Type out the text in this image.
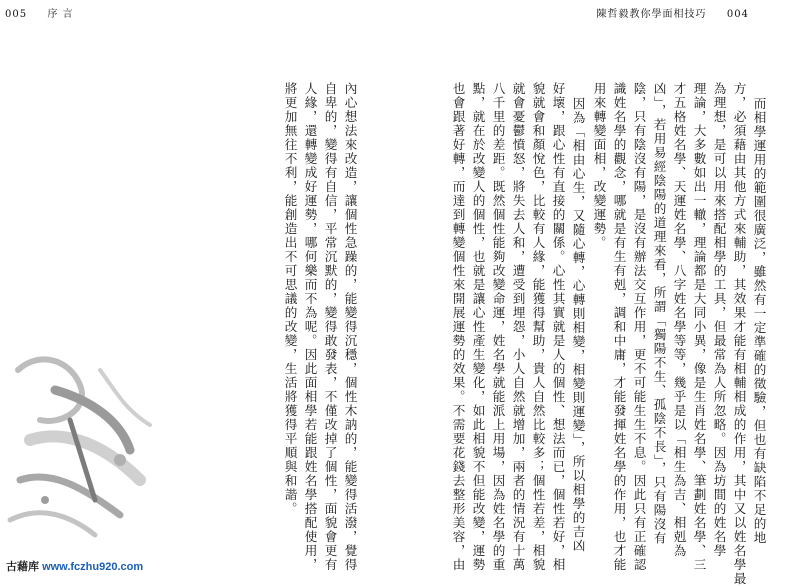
005 序 言	陳哲毅教你學面相技巧 004
而相學運用的範圍很廣泛，雖然有一定準確的徵驗，但也有缺陷不足的地
方，必須藉由其他方式來輔助，其效果才能有相輔相成的作用，其中又以姓名學最
為理想，是可以用來搭配相學的工具，但最常為人所忽略。因為坊間的姓名學
理論，大多數如出一轍，理論都是大同小異，像是生肖姓名學、筆劃姓名學、三
才五格姓名學、天運姓名學、八字姓名學等等，幾乎是以「相生為吉、相剋為
凶」，若用易經陰陽的道理來看，所謂「獨陽不生、孤陰不長」，只有陽沒有
陰，只有陰沒有陽，是沒有辦法交互作用，更不可能生生不息。因此只有正確認
識姓名學的觀念，哪就是有生有剋，調和中庸，才能發揮姓名學的作用，也才能
用來轉變面相，改變運勢。
因為「相由心生，又隨心轉，心轉則相變，相變則運變」，所以相學的吉凶
好壞，跟心性有直接的關係。心性其實就是人的個性、想法而已，個性若好，相
貌就會和顏悅色，比較有人緣，能獲得幫助，貴人自然比較多；個性若差，相貌
就會憂鬱憤怒，將失去人和，遭受到埋怨，小人自然就增加，兩者的情況有十萬
八千里的差距。既然個性能夠改變命運，姓名學就能派上用場，因為姓名學的重
點，就在於改變人的個性，也就是讓心性產生變化，如此相貌不但能改變，運勢
也會跟著好轉，而達到轉變個性來開展運勢的效果。不需要花錢去整形美容，由
內心想法來改造，讓個性急躁的，能變得沉穩，個性木訥的，能變得活潑，覺得
自卑的，變得有自信，平常沉默的，變得敢發表，不僅改掉了個性，面貌會更有
人緣，還轉變成好運勢，哪何樂而不為呢。因此面相學若能跟姓名學搭配使用，
將更加無往不利，能創造出不可思議的改變，生活將獲得平順與和諧。
古藉库 www.fczhu920.com
